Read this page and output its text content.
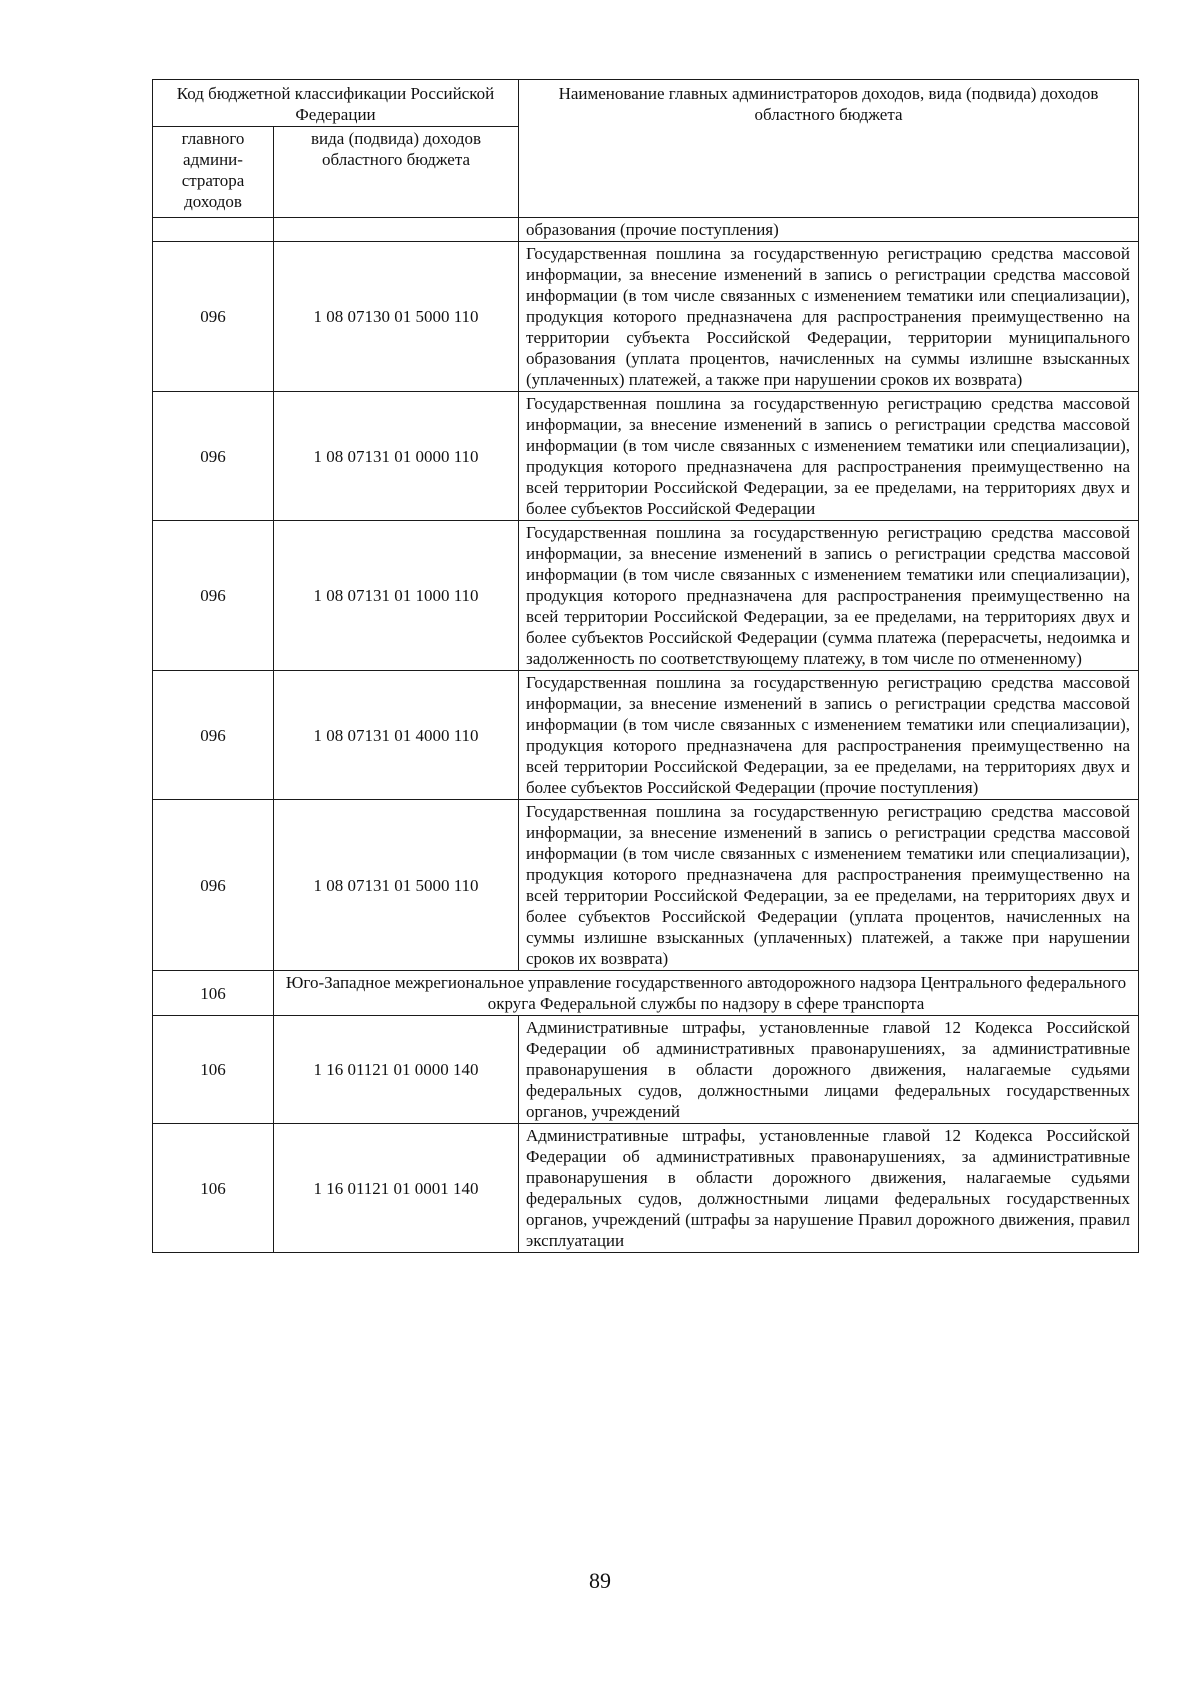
Код бюджетной классификации Российской Федерации		Наименование главных администраторов доходов, вида (подвида) доходов областного бюджета
главного админи- стратора доходов	вида (подвида) доходов областного бюджета	
		образования (прочие поступления)
096	1 08 07130 01 5000 110	Государственная пошлина за государственную регистрацию средства массовой информации, за внесение изменений в запись о регистрации средства массовой информации (в том числе связанных с изменением тематики или специализации), продукция которого предназначена для распространения преимущественно на территории субъекта Российской Федерации, территории муниципального образования (уплата процентов, начисленных на суммы излишне взысканных (уплаченных) платежей, а также при нарушении сроков их возврата)
096	1 08 07131 01 0000 110	Государственная пошлина за государственную регистрацию средства массовой информации, за внесение изменений в запись о регистрации средства массовой информации (в том числе связанных с изменением тематики или специализации), продукция которого предназначена для распространения преимущественно на всей территории Российской Федерации, за ее пределами, на территориях двух и более субъектов Российской Федерации
096	1 08 07131 01 1000 110	Государственная пошлина за государственную регистрацию средства массовой информации, за внесение изменений в запись о регистрации средства массовой информации (в том числе связанных с изменением тематики или специализации), продукция которого предназначена для распространения преимущественно на всей территории Российской Федерации, за ее пределами, на территориях двух и более субъектов Российской Федерации (сумма платежа (перерасчеты, недоимка и задолженность по соответствующему платежу, в том числе по отмененному)
096	1 08 07131 01 4000 110	Государственная пошлина за государственную регистрацию средства массовой информации, за внесение изменений в запись о регистрации средства массовой информации (в том числе связанных с изменением тематики или специализации), продукция которого предназначена для распространения преимущественно на всей территории Российской Федерации, за ее пределами, на территориях двух и более субъектов Российской Федерации (прочие поступления)
096	1 08 07131 01 5000 110	Государственная пошлина за государственную регистрацию средства массовой информации, за внесение изменений в запись о регистрации средства массовой информации (в том числе связанных с изменением тематики или специализации), продукция которого предназначена для распространения преимущественно на всей территории Российской Федерации, за ее пределами, на территориях двух и более субъектов Российской Федерации (уплата процентов, начисленных на суммы излишне взысканных (уплаченных) платежей, а также при нарушении сроков их возврата)
106	Юго-Западное межрегиональное управление государственного автодорожного надзора Центрального федерального округа Федеральной службы по надзору в сфере транспорта	
106	1 16 01121 01 0000 140	Административные штрафы, установленные главой 12 Кодекса Российской Федерации об административных правонарушениях, за административные правонарушения в области дорожного движения, налагаемые судьями федеральных судов, должностными лицами федеральных государственных органов, учреждений
106	1 16 01121 01 0001 140	Административные штрафы, установленные главой 12 Кодекса Российской Федерации об административных правонарушениях, за административные правонарушения в области дорожного движения, налагаемые судьями федеральных судов, должностными лицами федеральных государственных органов, учреждений (штрафы за нарушение Правил дорожного движения, правил эксплуатации
89
